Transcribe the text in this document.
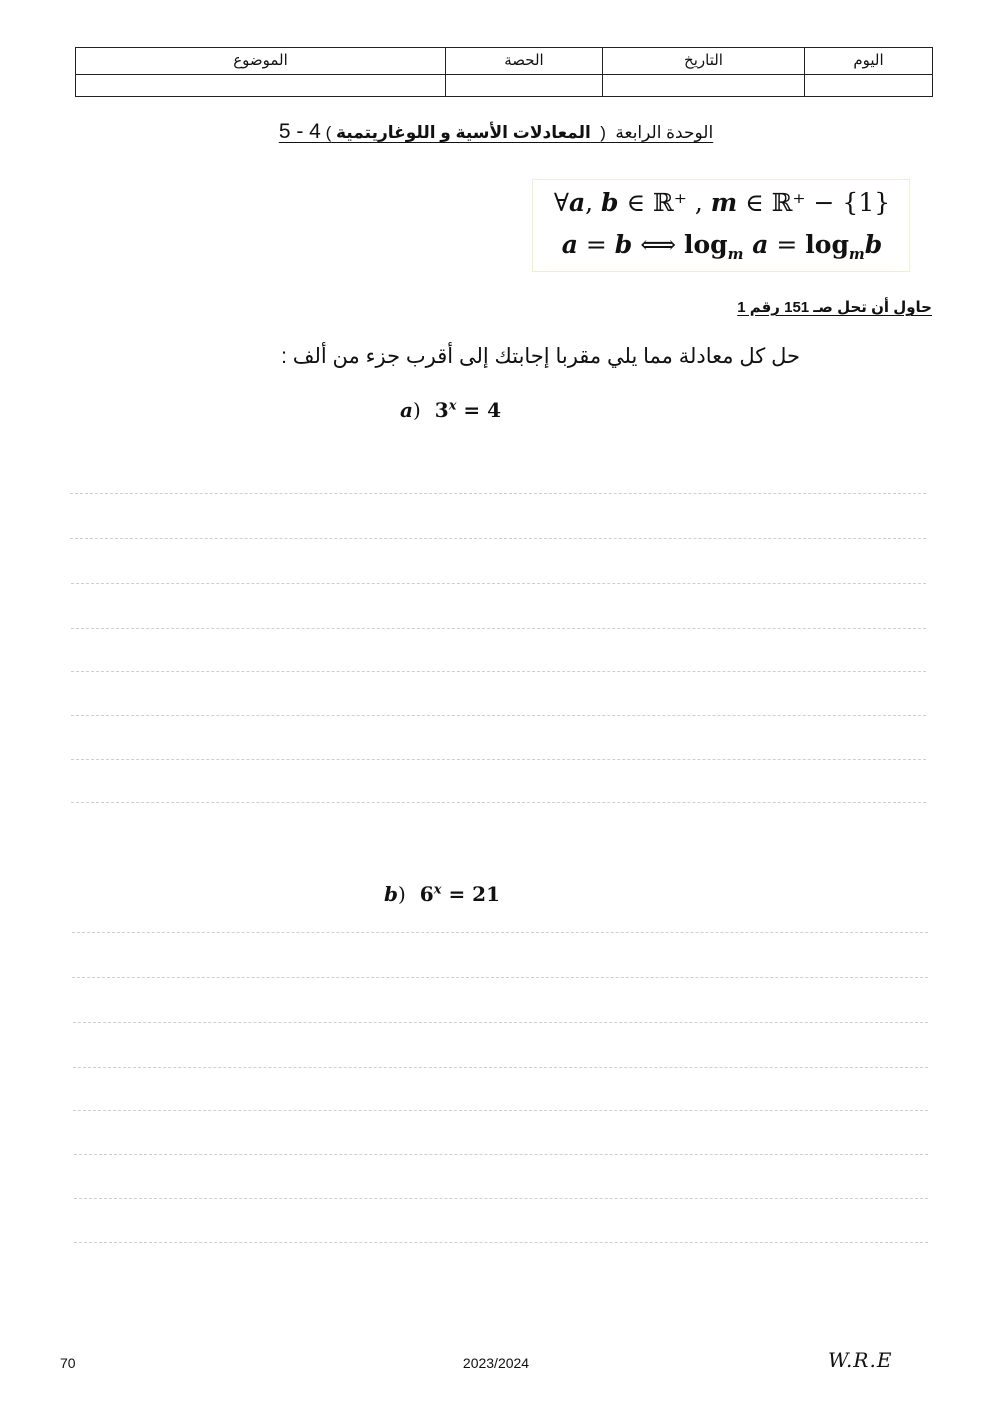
اليوم	التاريخ	الحصة	الموضوع

الوحدة الرابعة  (  المعادلات الأسية و اللوغاريتمية ) 5 - 4
∀a, b ∈ ℝ⁺ , m ∈ ℝ⁺ − {1}
a = b ⟺ $\log_m a = \log_mb$
حاول أن تحل صـ 151 رقم 1
حل كل معادلة مما يلي مقربا إجابتك إلى أقرب جزء من ألف :
a) $3^x = 4$
b) $6^x = 21$
70	2023/2024	W.R.E
